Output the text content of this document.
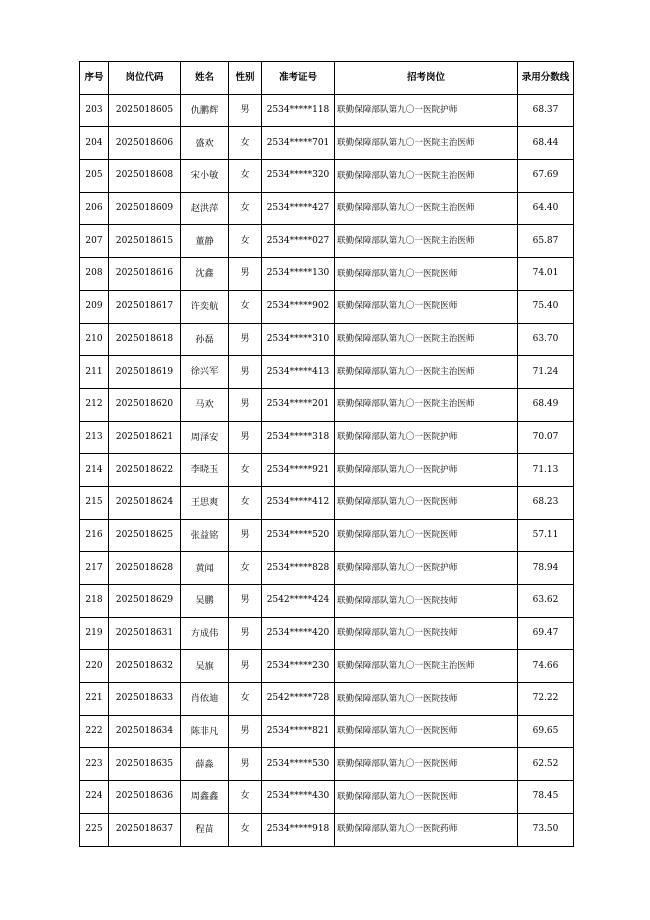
序号	岗位代码	姓名	性别	准考证号	招考岗位	录用分数线
203	2025018605	仇鹏辉	男	2534*****118	联勤保障部队第九〇一医院护师	68.37
204	2025018606	盛欢	女	2534*****701	联勤保障部队第九〇一医院主治医师	68.44
205	2025018608	宋小敏	女	2534*****320	联勤保障部队第九〇一医院主治医师	67.69
206	2025018609	赵洪萍	女	2534*****427	联勤保障部队第九〇一医院主治医师	64.40
207	2025018615	董静	女	2534*****027	联勤保障部队第九〇一医院主治医师	65.87
208	2025018616	沈鑫	男	2534*****130	联勤保障部队第九〇一医院医师	74.01
209	2025018617	许奕航	女	2534*****902	联勤保障部队第九〇一医院医师	75.40
210	2025018618	孙磊	男	2534*****310	联勤保障部队第九〇一医院主治医师	63.70
211	2025018619	徐兴军	男	2534*****413	联勤保障部队第九〇一医院主治医师	71.24
212	2025018620	马欢	男	2534*****201	联勤保障部队第九〇一医院主治医师	68.49
213	2025018621	周泽安	男	2534*****318	联勤保障部队第九〇一医院护师	70.07
214	2025018622	李晓玉	女	2534*****921	联勤保障部队第九〇一医院护师	71.13
215	2025018624	王思爽	女	2534*****412	联勤保障部队第九〇一医院医师	68.23
216	2025018625	张益铭	男	2534*****520	联勤保障部队第九〇一医院医师	57.11
217	2025018628	黄闻	女	2534*****828	联勤保障部队第九〇一医院护师	78.94
218	2025018629	吴鹏	男	2542*****424	联勤保障部队第九〇一医院技师	63.62
219	2025018631	方成伟	男	2534*****420	联勤保障部队第九〇一医院技师	69.47
220	2025018632	吴旗	男	2534*****230	联勤保障部队第九〇一医院主治医师	74.66
221	2025018633	肖依迪	女	2542*****728	联勤保障部队第九〇一医院技师	72.22
222	2025018634	陈非凡	男	2534*****821	联勤保障部队第九〇一医院医师	69.65
223	2025018635	薛淼	男	2534*****530	联勤保障部队第九〇一医院医师	62.52
224	2025018636	周鑫鑫	女	2534*****430	联勤保障部队第九〇一医院医师	78.45
225	2025018637	程苗	女	2534*****918	联勤保障部队第九〇一医院药师	73.50
